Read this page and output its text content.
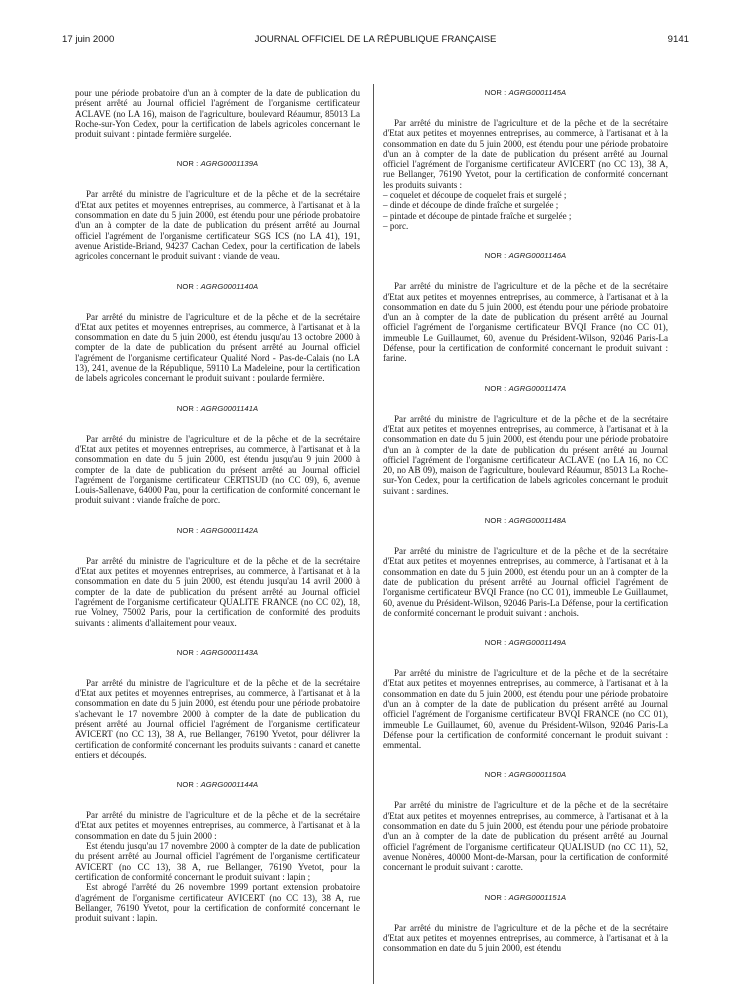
17 juin 2000	JOURNAL OFFICIEL DE LA RÉPUBLIQUE FRANÇAISE	9141

pour une période probatoire d'un an à compter de la date de publication du présent arrêté au Journal officiel l'agrément de l'organisme certificateur ACLAVE (no LA 16), maison de l'agriculture, boulevard Réaumur, 85013 La Roche-sur-Yon Cedex, pour la certification de labels agricoles concernant le produit suivant : pintade fermière surgelée.

NOR : AGRG0001139A

Par arrêté du ministre de l'agriculture et de la pêche et de la secrétaire d'Etat aux petites et moyennes entreprises, au commerce, à l'artisanat et à la consommation en date du 5 juin 2000, est étendu pour une période probatoire d'un an à compter de la date de publication du présent arrêté au Journal officiel l'agrément de l'organisme certificateur SGS ICS (no LA 41), 191, avenue Aristide-Briand, 94237 Cachan Cedex, pour la certification de labels agricoles concernant le produit suivant : viande de veau.

NOR : AGRG0001140A

Par arrêté du ministre de l'agriculture et de la pêche et de la secrétaire d'Etat aux petites et moyennes entreprises, au commerce, à l'artisanat et à la consommation en date du 5 juin 2000, est étendu jusqu'au 13 octobre 2000 à compter de la date de publication du présent arrêté au Journal officiel l'agrément de l'organisme certificateur Qualité Nord - Pas-de-Calais (no LA 13), 241, avenue de la République, 59110 La Madeleine, pour la certification de labels agricoles concernant le produit suivant : poularde fermière.

NOR : AGRG0001141A

Par arrêté du ministre de l'agriculture et de la pêche et de la secrétaire d'Etat aux petites et moyennes entreprises, au commerce, à l'artisanat et à la consommation en date du 5 juin 2000, est étendu jusqu'au 9 juin 2000 à compter de la date de publication du présent arrêté au Journal officiel l'agrément de l'organisme certificateur CERTISUD (no CC 09), 6, avenue Louis-Sallenave, 64000 Pau, pour la certification de conformité concernant le produit suivant : viande fraîche de porc.

NOR : AGRG0001142A

Par arrêté du ministre de l'agriculture et de la pêche et de la secrétaire d'Etat aux petites et moyennes entreprises, au commerce, à l'artisanat et à la consommation en date du 5 juin 2000, est étendu jusqu'au 14 avril 2000 à compter de la date de publication du présent arrêté au Journal officiel l'agrément de l'organisme certificateur QUALITE FRANCE (no CC 02), 18, rue Volney, 75002 Paris, pour la certification de conformité des produits suivants : aliments d'allaitement pour veaux.

NOR : AGRG0001143A

Par arrêté du ministre de l'agriculture et de la pêche et de la secrétaire d'Etat aux petites et moyennes entreprises, au commerce, à l'artisanat et à la consommation en date du 5 juin 2000, est étendu pour une période probatoire s'achevant le 17 novembre 2000 à compter de la date de publication du présent arrêté au Journal officiel l'agrément de l'organisme certificateur AVICERT (no CC 13), 38 A, rue Bellanger, 76190 Yvetot, pour délivrer la certification de conformité concernant les produits suivants : canard et canette entiers et découpés.

NOR : AGRG0001144A

Par arrêté du ministre de l'agriculture et de la pêche et de la secrétaire d'Etat aux petites et moyennes entreprises, au commerce, à l'artisanat et à la consommation en date du 5 juin 2000 :

Est étendu jusqu'au 17 novembre 2000 à compter de la date de publication du présent arrêté au Journal officiel l'agrément de l'organisme certificateur AVICERT (no CC 13), 38 A, rue Bellanger, 76190 Yvetot, pour la certification de conformité concernant le produit suivant : lapin ;

Est abrogé l'arrêté du 26 novembre 1999 portant extension probatoire d'agrément de l'organisme certificateur AVICERT (no CC 13), 38 A, rue Bellanger, 76190 Yvetot, pour la certification de conformité concernant le produit suivant : lapin.

NOR : AGRG0001145A

Par arrêté du ministre de l'agriculture et de la pêche et de la secrétaire d'Etat aux petites et moyennes entreprises, au commerce, à l'artisanat et à la consommation en date du 5 juin 2000, est étendu pour une période probatoire d'un an à compter de la date de publication du présent arrêté au Journal officiel l'agrément de l'organisme certificateur AVICERT (no CC 13), 38 A, rue Bellanger, 76190 Yvetot, pour la certification de conformité concernant les produits suivants :

– coquelet et découpe de coquelet frais et surgelé ;
– dinde et découpe de dinde fraîche et surgelée ;
– pintade et découpe de pintade fraîche et surgelée ;
– porc.
NOR : AGRG0001146A

Par arrêté du ministre de l'agriculture et de la pêche et de la secrétaire d'Etat aux petites et moyennes entreprises, au commerce, à l'artisanat et à la consommation en date du 5 juin 2000, est étendu pour une période probatoire d'un an à compter de la date de publication du présent arrêté au Journal officiel l'agrément de l'organisme certificateur BVQI France (no CC 01), immeuble Le Guillaumet, 60, avenue du Président-Wilson, 92046 Paris-La Défense, pour la certification de conformité concernant le produit suivant : farine.

NOR : AGRG0001147A

Par arrêté du ministre de l'agriculture et de la pêche et de la secrétaire d'Etat aux petites et moyennes entreprises, au commerce, à l'artisanat et à la consommation en date du 5 juin 2000, est étendu pour une période probatoire d'un an à compter de la date de publication du présent arrêté au Journal officiel l'agrément de l'organisme certificateur ACLAVE (no LA 16, no CC 20, no AB 09), maison de l'agriculture, boulevard Réaumur, 85013 La Roche-sur-Yon Cedex, pour la certification de labels agricoles concernant le produit suivant : sardines.

NOR : AGRG0001148A

Par arrêté du ministre de l'agriculture et de la pêche et de la secrétaire d'Etat aux petites et moyennes entreprises, au commerce, à l'artisanat et à la consommation en date du 5 juin 2000, est étendu pour un an à compter de la date de publication du présent arrêté au Journal officiel l'agrément de l'organisme certificateur BVQI France (no CC 01), immeuble Le Guillaumet, 60, avenue du Président-Wilson, 92046 Paris-La Défense, pour la certification de conformité concernant le produit suivant : anchois.

NOR : AGRG0001149A

Par arrêté du ministre de l'agriculture et de la pêche et de la secrétaire d'Etat aux petites et moyennes entreprises, au commerce, à l'artisanat et à la consommation en date du 5 juin 2000, est étendu pour une période probatoire d'un an à compter de la date de publication du présent arrêté au Journal officiel l'agrément de l'organisme certificateur BVQI FRANCE (no CC 01), immeuble Le Guillaumet, 60, avenue du Président-Wilson, 92046 Paris-La Défense pour la certification de conformité concernant le produit suivant : emmental.

NOR : AGRG0001150A

Par arrêté du ministre de l'agriculture et de la pêche et de la secrétaire d'Etat aux petites et moyennes entreprises, au commerce, à l'artisanat et à la consommation en date du 5 juin 2000, est étendu pour une période probatoire d'un an à compter de la date de publication du présent arrêté au Journal officiel l'agrément de l'organisme certificateur QUALISUD (no CC 11), 52, avenue Nonères, 40000 Mont-de-Marsan, pour la certification de conformité concernant le produit suivant : carotte.

NOR : AGRG0001151A

Par arrêté du ministre de l'agriculture et de la pêche et de la secrétaire d'Etat aux petites et moyennes entreprises, au commerce, à l'artisanat et à la consommation en date du 5 juin 2000, est étendu
